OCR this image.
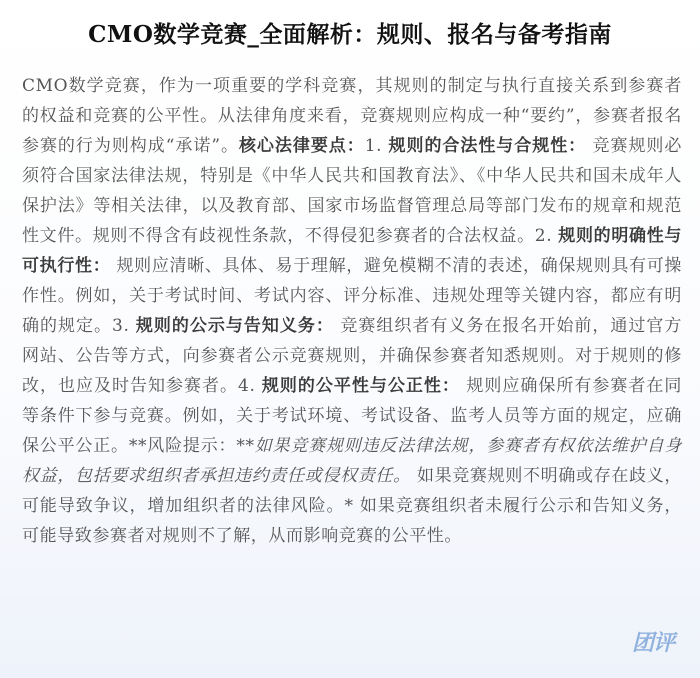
CMO数学竞赛_全面解析：规则、报名与备考指南
CMO数学竞赛，作为一项重要的学科竞赛，其规则的制定与执行直接关系到参赛者的权益和竞赛的公平性。从法律角度来看，竞赛规则应构成一种“要约”，参赛者报名参赛的行为则构成“承诺”。核心法律要点：1. 规则的合法性与合规性： 竞赛规则必须符合国家法律法规，特别是《中华人民共和国教育法》、《中华人民共和国未成年人保护法》等相关法律，以及教育部、国家市场监督管理总局等部门发布的规章和规范性文件。规则不得含有歧视性条款，不得侵犯参赛者的合法权益。2. 规则的明确性与可执行性： 规则应清晰、具体、易于理解，避免模糊不清的表述，确保规则具有可操作性。例如，关于考试时间、考试内容、评分标准、违规处理等关键内容，都应有明确的规定。3. 规则的公示与告知义务： 竞赛组织者有义务在报名开始前，通过官方网站、公告等方式，向参赛者公示竞赛规则，并确保参赛者知悉规则。对于规则的修改，也应及时告知参赛者。4. 规则的公平性与公正性： 规则应确保所有参赛者在同等条件下参与竞赛。例如，关于考试环境、考试设备、监考人员等方面的规定，应确保公平公正。**风险提示：**如果竞赛规则违反法律法规，参赛者有权依法维护自身权益，包括要求组织者承担违约责任或侵权责任。 如果竞赛规则不明确或存在歧义，可能导致争议，增加组织者的法律风险。* 如果竞赛组织者未履行公示和告知义务，可能导致参赛者对规则不了解，从而影响竞赛的公平性。
团评
